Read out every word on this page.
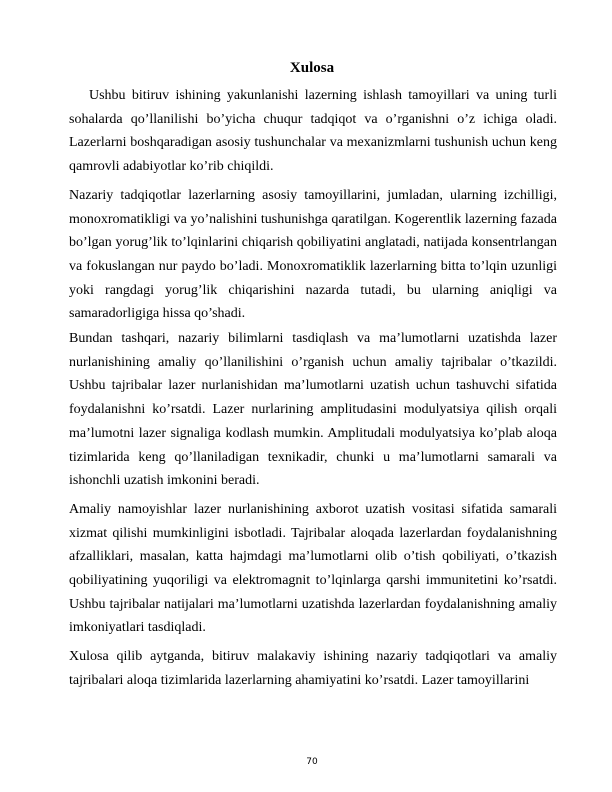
Xulosa

Ushbu bitiruv ishining yakunlanishi lazerning ishlash tamoyillari va uning turli sohalarda qo’llanilishi bo’yicha chuqur tadqiqot va o’rganishni o’z ichiga oladi. Lazerlarni boshqaradigan asosiy tushunchalar va mexanizmlarni tushunish uchun keng qamrovli adabiyotlar ko’rib chiqildi.

Nazariy tadqiqotlar lazerlarning asosiy tamoyillarini, jumladan, ularning izchilligi, monoxromatikligi va yo’nalishini tushunishga qaratilgan. Kogerentlik lazerning fazada bo’lgan yorug’lik to’lqinlarini chiqarish qobiliyatini anglatadi, natijada konsentrlangan va fokuslangan nur paydo bo’ladi. Monoxromatiklik lazerlarning bitta to’lqin uzunligi yoki rangdagi yorug’lik chiqarishini nazarda tutadi, bu ularning aniqligi va samaradorligiga hissa qo’shadi.

Bundan tashqari, nazariy bilimlarni tasdiqlash va ma’lumotlarni uzatishda lazer nurlanishining amaliy qo’llanilishini o’rganish uchun amaliy tajribalar o’tkazildi. Ushbu tajribalar lazer nurlanishidan ma’lumotlarni uzatish uchun tashuvchi sifatida foydalanishni ko’rsatdi. Lazer nurlarining amplitudasini modulyatsiya qilish orqali ma’lumotni lazer signaliga kodlash mumkin. Amplitudali modulyatsiya ko’plab aloqa tizimlarida keng qo’llaniladigan texnikadir, chunki u ma’lumotlarni samarali va ishonchli uzatish imkonini beradi.

Amaliy namoyishlar lazer nurlanishining axborot uzatish vositasi sifatida samarali xizmat qilishi mumkinligini isbotladi. Tajribalar aloqada lazerlardan foydalanishning afzalliklari, masalan, katta hajmdagi ma’lumotlarni olib o’tish qobiliyati, o’tkazish qobiliyatining yuqoriligi va elektromagnit to’lqinlarga qarshi immunitetini ko’rsatdi. Ushbu tajribalar natijalari ma’lumotlarni uzatishda lazerlardan foydalanishning amaliy imkoniyatlari tasdiqladi.

Xulosa qilib aytganda, bitiruv malakaviy ishining nazariy tadqiqotlari va amaliy tajribalari aloqa tizimlarida lazerlarning ahamiyatini ko’rsatdi. Lazer tamoyillarini

70
